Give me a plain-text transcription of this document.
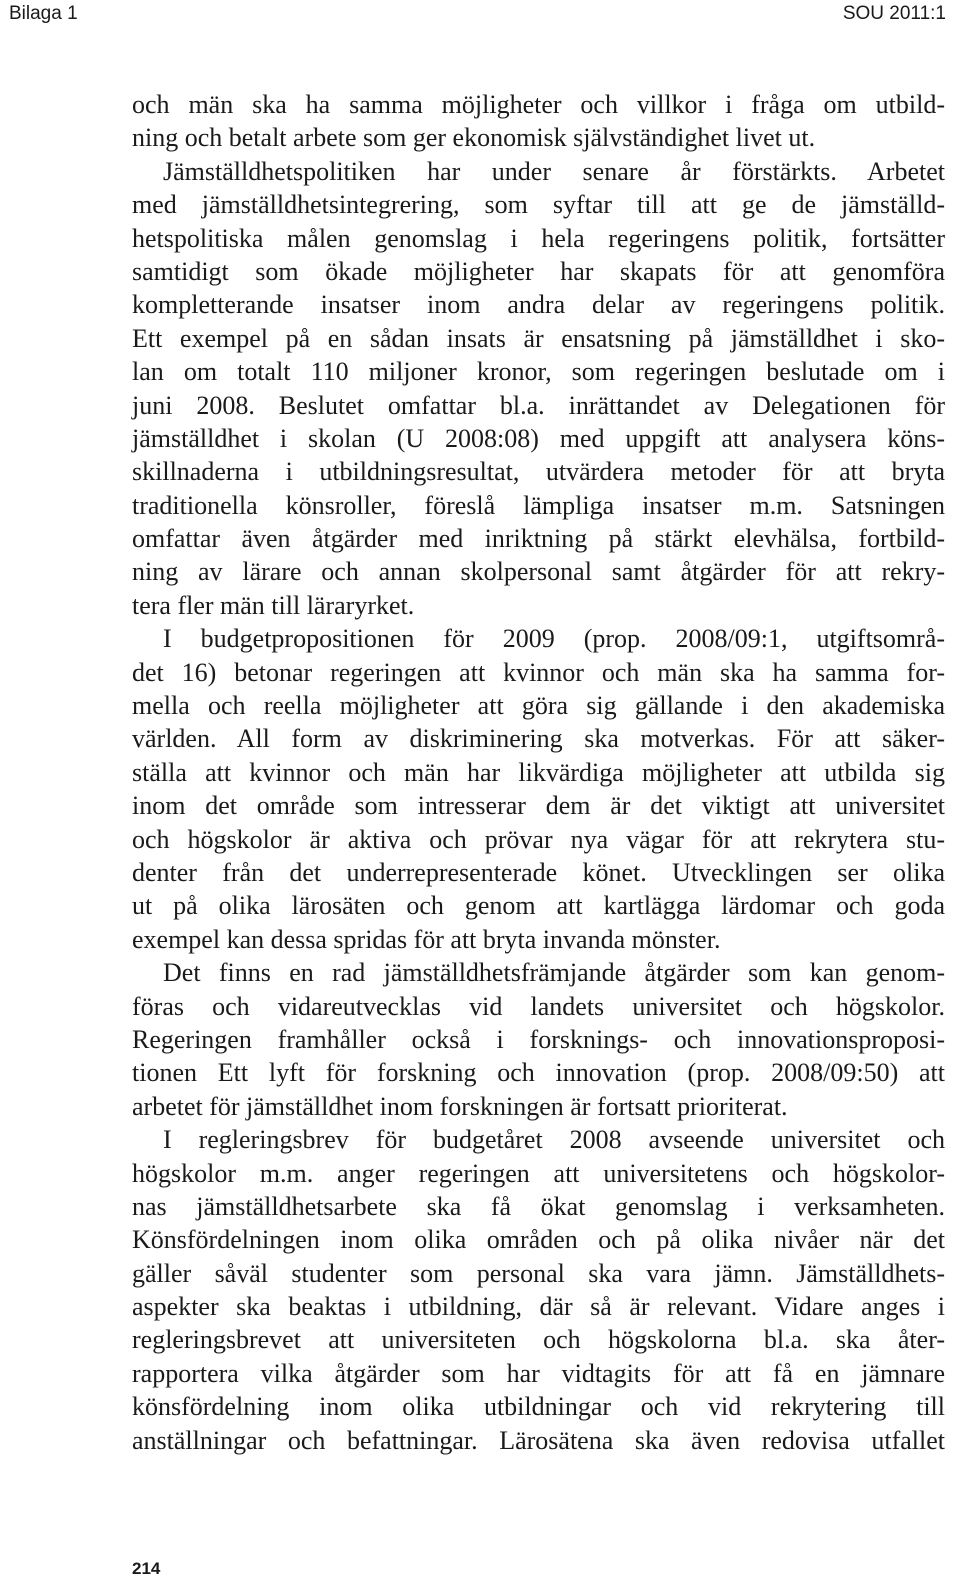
Bilaga 1	SOU 2011:1
och män ska ha samma möjligheter och villkor i fråga om utbild-
ning och betalt arbete som ger ekonomisk självständighet livet ut.
Jämställdhetspolitiken har under senare år förstärkts. Arbetet
med jämställdhetsintegrering, som syftar till att ge de jämställd-
hetspolitiska målen genomslag i hela regeringens politik, fortsätter
samtidigt som ökade möjligheter har skapats för att genomföra
kompletterande insatser inom andra delar av regeringens politik.
Ett exempel på en sådan insats är ensatsning på jämställdhet i sko-
lan om totalt 110 miljoner kronor, som regeringen beslutade om i
juni 2008. Beslutet omfattar bl.a. inrättandet av Delegationen för
jämställdhet i skolan (U 2008:08) med uppgift att analysera köns-
skillnaderna i utbildningsresultat, utvärdera metoder för att bryta
traditionella könsroller, föreslå lämpliga insatser m.m. Satsningen
omfattar även åtgärder med inriktning på stärkt elevhälsa, fortbild-
ning av lärare och annan skolpersonal samt åtgärder för att rekry-
tera fler män till läraryrket.
I budgetpropositionen för 2009 (prop. 2008/09:1, utgiftsområ-
det 16) betonar regeringen att kvinnor och män ska ha samma for-
mella och reella möjligheter att göra sig gällande i den akademiska
världen. All form av diskriminering ska motverkas. För att säker-
ställa att kvinnor och män har likvärdiga möjligheter att utbilda sig
inom det område som intresserar dem är det viktigt att universitet
och högskolor är aktiva och prövar nya vägar för att rekrytera stu-
denter från det underrepresenterade könet. Utvecklingen ser olika
ut på olika lärosäten och genom att kartlägga lärdomar och goda
exempel kan dessa spridas för att bryta invanda mönster.
Det finns en rad jämställdhetsfrämjande åtgärder som kan genom-
föras och vidareutvecklas vid landets universitet och högskolor.
Regeringen framhåller också i forsknings- och innovationsproposi-
tionen Ett lyft för forskning och innovation (prop. 2008/09:50) att
arbetet för jämställdhet inom forskningen är fortsatt prioriterat.
I regleringsbrev för budgetåret 2008 avseende universitet och
högskolor m.m. anger regeringen att universitetens och högskolor-
nas jämställdhetsarbete ska få ökat genomslag i verksamheten.
Könsfördelningen inom olika områden och på olika nivåer när det
gäller såväl studenter som personal ska vara jämn. Jämställdhets-
aspekter ska beaktas i utbildning, där så är relevant. Vidare anges i
regleringsbrevet att universiteten och högskolorna bl.a. ska åter-
rapportera vilka åtgärder som har vidtagits för att få en jämnare
könsfördelning inom olika utbildningar och vid rekrytering till
anställningar och befattningar. Lärosätena ska även redovisa utfallet
214
